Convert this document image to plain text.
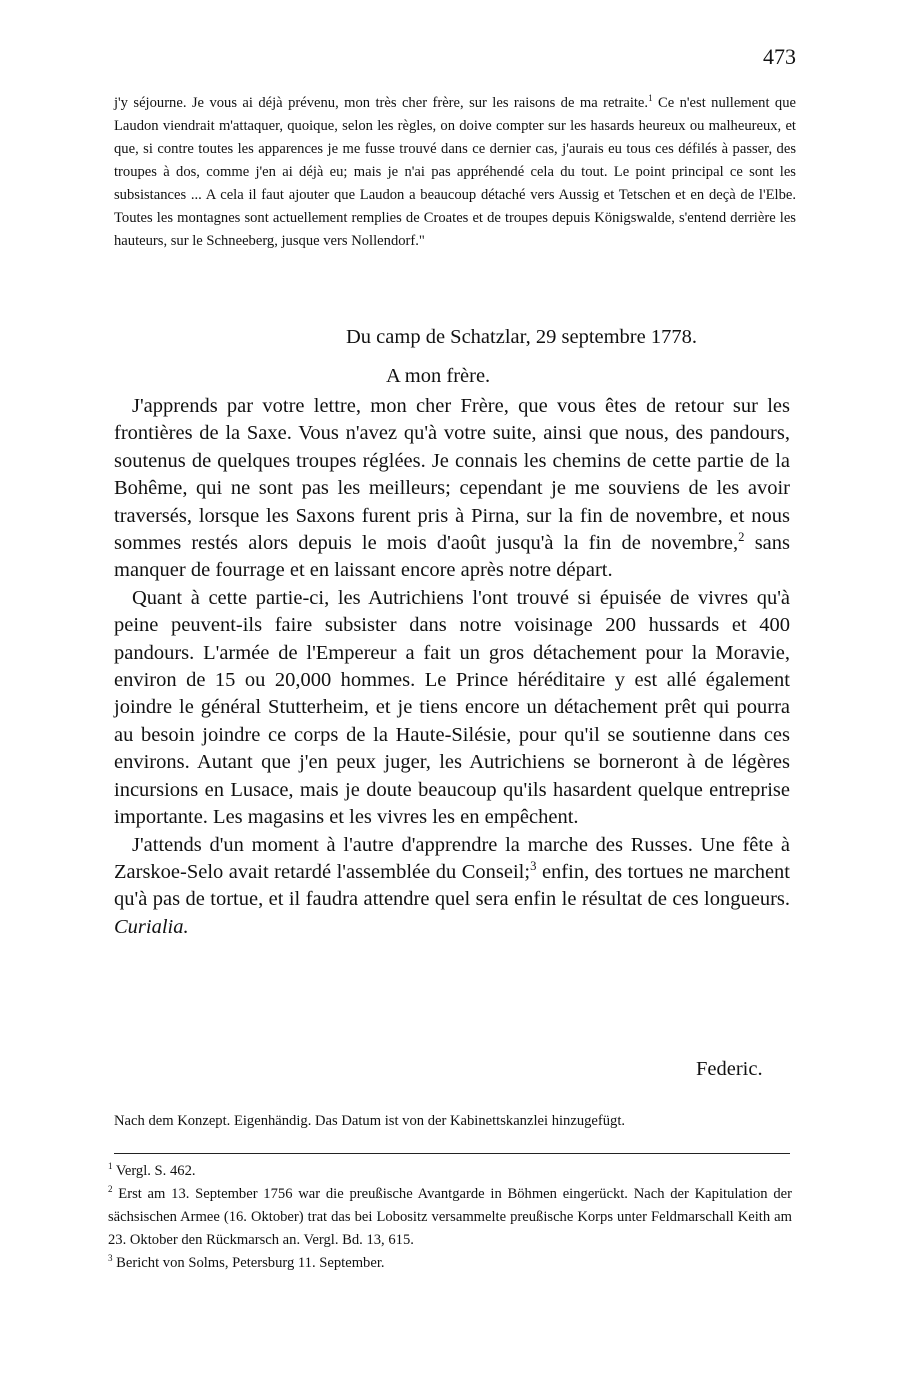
473

j'y séjourne. Je vous ai déjà prévenu, mon très cher frère, sur les raisons de ma retraite.$^1$ Ce n'est nullement que Laudon viendrait m'attaquer, quoique, selon les règles, on doive compter sur les hasards heureux ou malheureux, et que, si contre toutes les apparences je me fusse trouvé dans ce dernier cas, j'aurais eu tous ces défilés à passer, des troupes à dos, comme j'en ai déjà eu; mais je n'ai pas appréhendé cela du tout. Le point principal ce sont les subsistances ... A cela il faut ajouter que Laudon a beaucoup détaché vers Aussig et Tetschen et en deçà de l'Elbe. Toutes les montagnes sont actuellement remplies de Croates et de troupes depuis Königswalde, s'entend derrière les hauteurs, sur le Schneeberg, jusque vers Nollendorf."

Du camp de Schatzlar, 29 septembre 1778.
A mon frère.

J'apprends par votre lettre, mon cher Frère, que vous êtes de retour sur les frontières de la Saxe. Vous n'avez qu'à votre suite, ainsi que nous, des pandours, soutenus de quelques troupes réglées. Je connais les chemins de cette partie de la Bohême, qui ne sont pas les meilleurs; cependant je me souviens de les avoir traversés, lorsque les Saxons furent pris à Pirna, sur la fin de novembre, et nous sommes restés alors depuis le mois d'août jusqu'à la fin de novembre,$^2$ sans manquer de fourrage et en laissant encore après notre départ.

Quant à cette partie-ci, les Autrichiens l'ont trouvé si épuisée de vivres qu'à peine peuvent-ils faire subsister dans notre voisinage 200 hussards et 400 pandours. L'armée de l'Empereur a fait un gros détachement pour la Moravie, environ de 15 ou 20,000 hommes. Le Prince héréditaire y est allé également joindre le général Stutterheim, et je tiens encore un détachement prêt qui pourra au besoin joindre ce corps de la Haute-Silésie, pour qu'il se soutienne dans ces environs. Autant que j'en peux juger, les Autrichiens se borneront à de légères incursions en Lusace, mais je doute beaucoup qu'ils hasardent quelque entreprise importante. Les magasins et les vivres les en empêchent.

J'attends d'un moment à l'autre d'apprendre la marche des Russes. Une fête à Zarskoe-Selo avait retardé l'assemblée du Conseil;$^3$ enfin, des tortues ne marchent qu'à pas de tortue, et il faudra attendre quel sera enfin le résultat de ces longueurs. Curialia.

Federic.
Nach dem Konzept. Eigenhändig. Das Datum ist von der Kabinettskanzlei hinzugefügt.

$^1$ Vergl. S. 462.

$^2$ Erst am 13. September 1756 war die preußische Avantgarde in Böhmen eingerückt. Nach der Kapitulation der sächsischen Armee (16. Oktober) trat das bei Lobositz versammelte preußische Korps unter Feldmarschall Keith am 23. Oktober den Rückmarsch an. Vergl. Bd. 13, 615.

$^3$ Bericht von Solms, Petersburg 11. September.
